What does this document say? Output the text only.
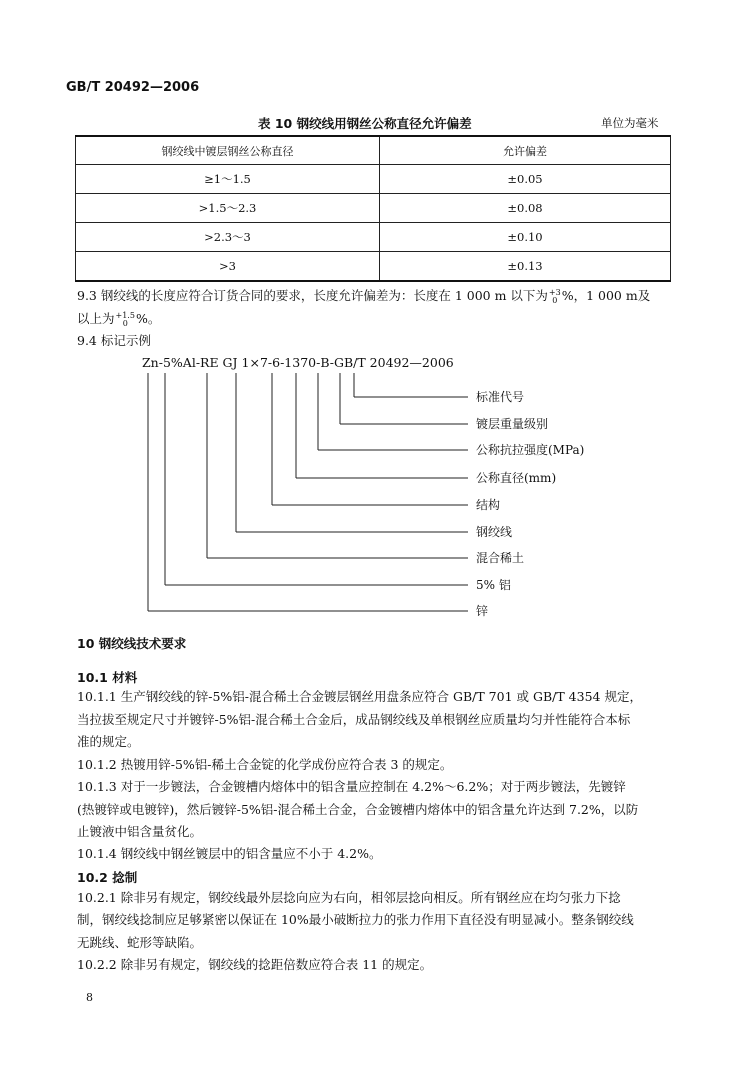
GB/T 20492—2006
表 10 钢绞线用钢丝公称直径允许偏差	单位为毫米
钢绞线中镀层钢丝公称直径	允许偏差
≥1～1.5	±0.05
>1.5～2.3	±0.08
>2.3～3	±0.10
>3	±0.13
9.3 钢绞线的长度应符合订货合同的要求，长度允许偏差为：长度在 1 000 m 以下为+3
0 %，1 000 m及
以上为+1.5
0 %。
9.4 标记示例
Zn-5%Al-RE GJ 1×7-6-1370-B-GB/T 20492—2006
标准代号
镀层重量级别
公称抗拉强度(MPa)
公称直径(mm)
结构
钢绞线
混合稀土
5% 铝
锌
10 钢绞线技术要求
10.1 材料
10.1.1 生产钢绞线的锌-5%铝-混合稀土合金镀层钢丝用盘条应符合 GB/T 701 或 GB/T 4354 规定，
当拉拔至规定尺寸并镀锌-5%铝-混合稀土合金后，成品钢绞线及单根钢丝应质量均匀并性能符合本标
准的规定。
10.1.2 热镀用锌-5%铝-稀土合金锭的化学成份应符合表 3 的规定。
10.1.3 对于一步镀法，合金镀槽内熔体中的铝含量应控制在 4.2%～6.2%；对于两步镀法，先镀锌
(热镀锌或电镀锌)，然后镀锌-5%铝-混合稀土合金，合金镀槽内熔体中的铝含量允许达到 7.2%，以防
止镀液中铝含量贫化。
10.1.4 钢绞线中钢丝镀层中的铝含量应不小于 4.2%。
10.2 捻制
10.2.1 除非另有规定，钢绞线最外层捻向应为右向，相邻层捻向相反。所有钢丝应在均匀张力下捻
制，钢绞线捻制应足够紧密以保证在 10%最小破断拉力的张力作用下直径没有明显减小。整条钢绞线
无跳线、蛇形等缺陷。
10.2.2 除非另有规定，钢绞线的捻距倍数应符合表 11 的规定。
8
